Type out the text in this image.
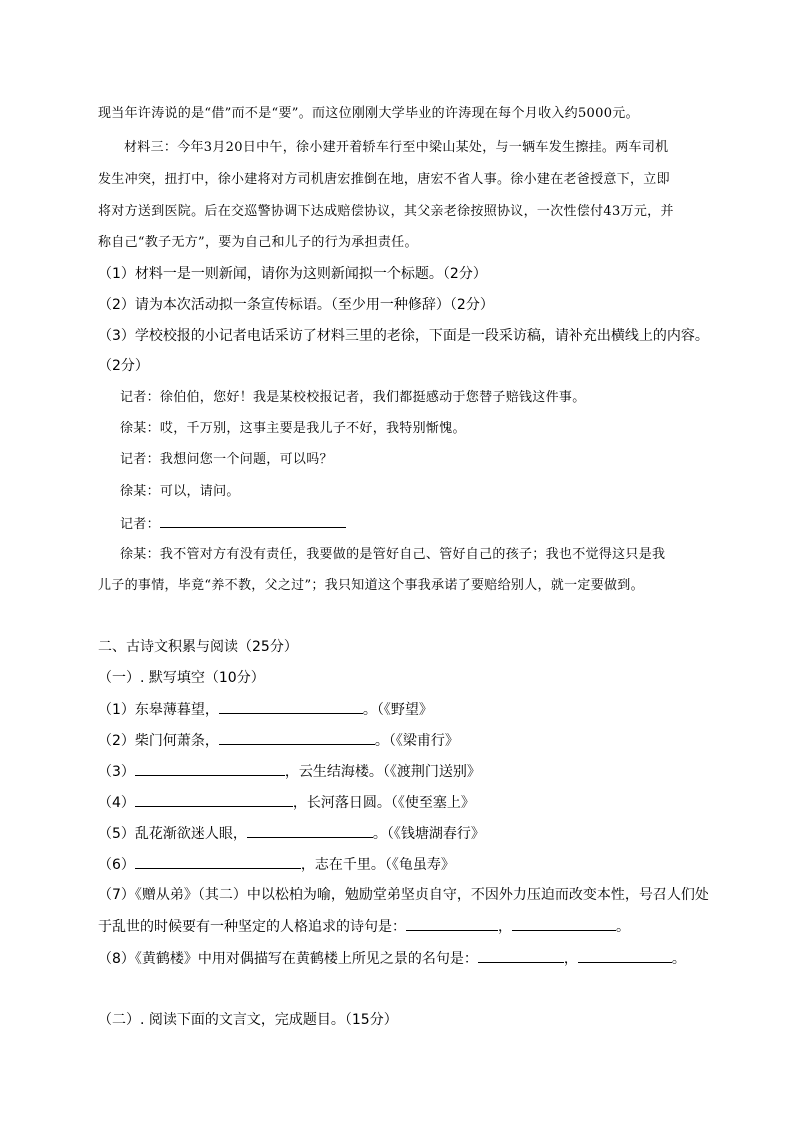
现当年许涛说的是“借”而不是“要”。而这位刚刚大学毕业的许涛现在每个月收入约5000元。
材料三：今年3月20日中午，徐小建开着轿车行至中梁山某处，与一辆车发生擦挂。两车司机
发生冲突，扭打中，徐小建将对方司机唐宏推倒在地，唐宏不省人事。徐小建在老爸授意下，立即
将对方送到医院。后在交巡警协调下达成赔偿协议，其父亲老徐按照协议，一次性偿付43万元，并
称自己“教子无方”，要为自己和儿子的行为承担责任。
（1）材料一是一则新闻，请你为这则新闻拟一个标题。（2分）
（2）请为本次活动拟一条宣传标语。（至少用一种修辞）（2分）
（3）学校校报的小记者电话采访了材料三里的老徐，下面是一段采访稿，请补充出横线上的内容。
（2分）
记者：徐伯伯，您好！我是某校校报记者，我们都挺感动于您替子赔钱这件事。
徐某：哎，千万别，这事主要是我儿子不好，我特别惭愧。
记者：我想问您一个问题，可以吗？
徐某：可以，请问。
记者：
徐某：我不管对方有没有责任，我要做的是管好自己、管好自己的孩子；我也不觉得这只是我
儿子的事情，毕竟“养不教，父之过”；我只知道这个事我承诺了要赔给别人，就一定要做到。
二、古诗文积累与阅读（25分）
（一）. 默写填空（10分）
（1）东皋薄暮望，	。（《野望》
（2）柴门何萧条，	。（《梁甫行》
（3）	，云生结海楼。（《渡荆门送别》
（4）	，长河落日圆。（《使至塞上》
（5）乱花渐欲迷人眼，	。（《钱塘湖春行》
（6）	，志在千里。（《龟虽寿》
（7）《赠从弟》（其二）中以松柏为喻，勉励堂弟坚贞自守，不因外力压迫而改变本性，号召人们处
于乱世的时候要有一种坚定的人格追求的诗句是：	，	。
（8）《黄鹤楼》中用对偶描写在黄鹤楼上所见之景的名句是：	，	。
（二）. 阅读下面的文言文，完成题目。（15分）
